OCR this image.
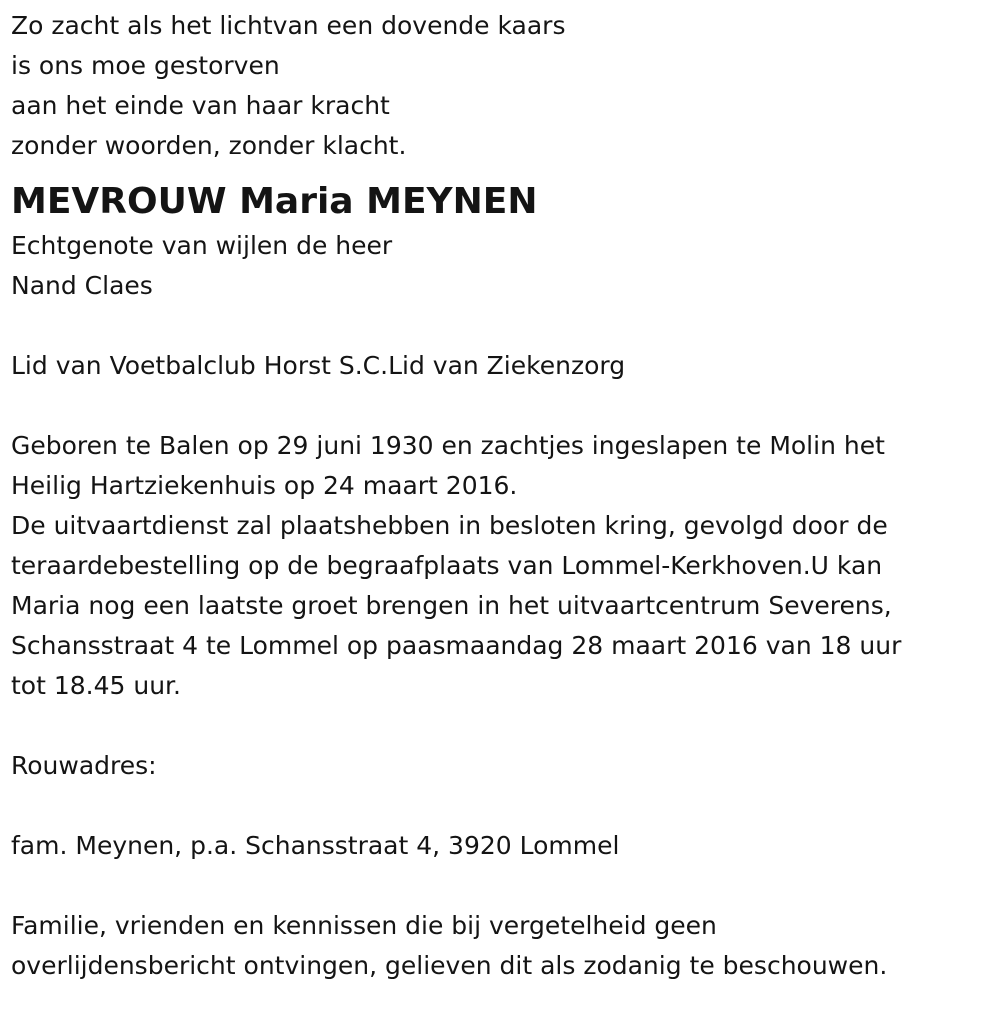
Zo zacht als het lichtvan een dovende kaars
is ons moe gestorven
aan het einde van haar kracht
zonder woorden, zonder klacht.
MEVROUW Maria MEYNEN
Echtgenote van wijlen de heer
Nand Claes
Lid van Voetbalclub Horst S.C.Lid van Ziekenzorg
Geboren te Balen op 29 juni 1930 en zachtjes ingeslapen te Molin het
Heilig Hartziekenhuis op 24 maart 2016.
De uitvaartdienst zal plaatshebben in besloten kring, gevolgd door de
teraardebestelling op de begraafplaats van Lommel-Kerkhoven.U kan
Maria nog een laatste groet brengen in het uitvaartcentrum Severens,
Schansstraat 4 te Lommel op paasmaandag 28 maart 2016 van 18 uur
tot 18.45 uur.
Rouwadres:
fam. Meynen, p.a. Schansstraat 4, 3920 Lommel
Familie, vrienden en kennissen die bij vergetelheid geen
overlijdensbericht ontvingen, gelieven dit als zodanig te beschouwen.
